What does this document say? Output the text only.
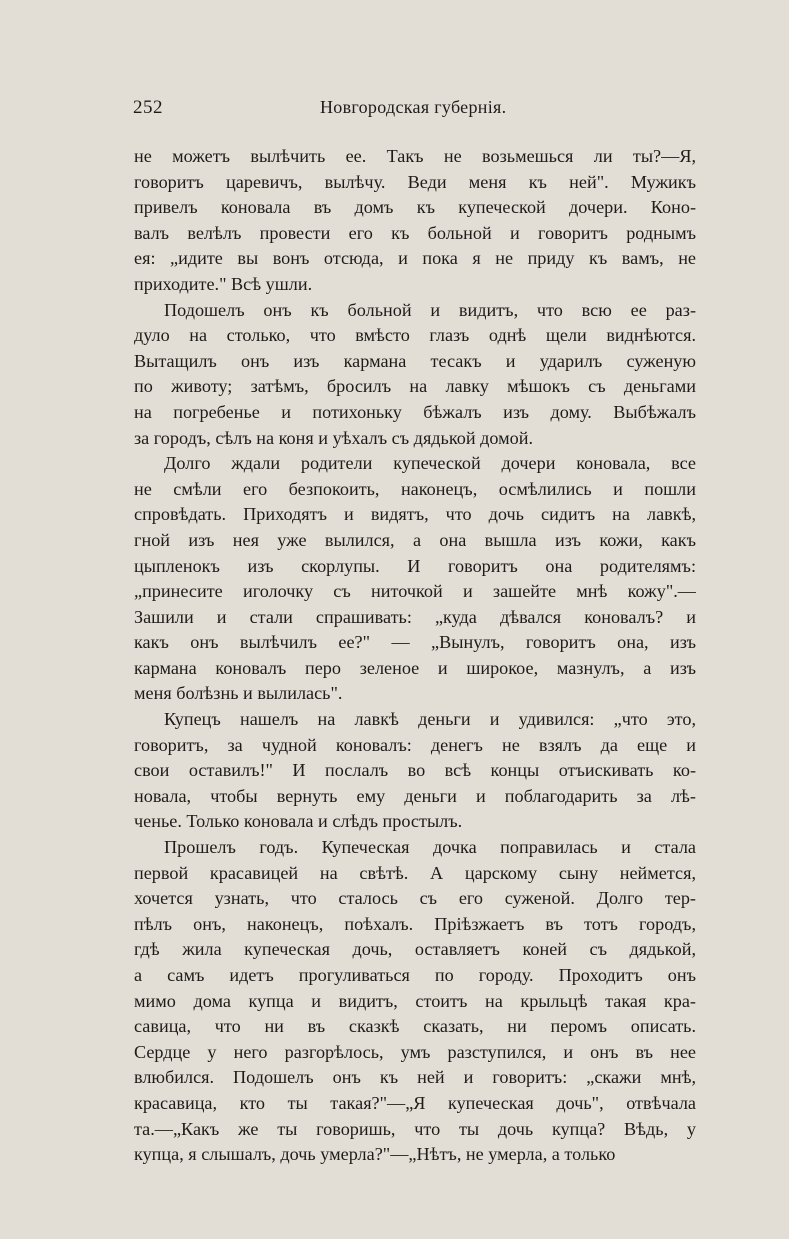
252	Новгородская губернія.
не можетъ вылѣчить ее. Такъ не возьмешься ли ты?—Я,
говоритъ царевичъ, вылѣчу. Веди меня къ ней". Мужикъ
привелъ коновала въ домъ къ купеческой дочери. Коно-
валъ велѣлъ провести его къ больной и говоритъ роднымъ
ея: „идите вы вонъ отсюда, и пока я не приду къ вамъ, не
приходите." Всѣ ушли.
Подошелъ онъ къ больной и видитъ, что всю ее раз-
дуло на столько, что вмѣсто глазъ однѣ щели виднѣются.
Вытащилъ онъ изъ кармана тесакъ и ударилъ суженую
по животу; затѣмъ, бросилъ на лавку мѣшокъ съ деньгами
на погребенье и потихоньку бѣжалъ изъ дому. Выбѣжалъ
за городъ, сѣлъ на коня и уѣхалъ съ дядькой домой.
Долго ждали родители купеческой дочери коновала, все
не смѣли его безпокоить, наконецъ, осмѣлились и пошли
спровѣдать. Приходятъ и видятъ, что дочь сидитъ на лавкѣ,
гной изъ нея уже вылился, а она вышла изъ кожи, какъ
цыпленокъ изъ скорлупы. И говоритъ она родителямъ:
„принесите иголочку съ ниточкой и зашейте мнѣ кожу".—
Зашили и стали спрашивать: „куда дѣвался коновалъ? и
какъ онъ вылѣчилъ ее?" — „Вынулъ, говоритъ она, изъ
кармана коновалъ перо зеленое и широкое, мазнулъ, а изъ
меня болѣзнь и вылилась".
Купецъ нашелъ на лавкѣ деньги и удивился: „что это,
говоритъ, за чудной коновалъ: денегъ не взялъ да еще и
свои оставилъ!" И послалъ во всѣ концы отъискивать ко-
новала, чтобы вернуть ему деньги и поблагодарить за лѣ-
ченье. Только коновала и слѣдъ простылъ.
Прошелъ годъ. Купеческая дочка поправилась и стала
первой красавицей на свѣтѣ. А царскому сыну неймется,
хочется узнать, что сталось съ его суженой. Долго тер-
пѣлъ онъ, наконецъ, поѣхалъ. Пріѣзжаетъ въ тотъ городъ,
гдѣ жила купеческая дочь, оставляетъ коней съ дядькой,
а самъ идетъ прогуливаться по городу. Проходитъ онъ
мимо дома купца и видитъ, стоитъ на крыльцѣ такая кра-
савица, что ни въ сказкѣ сказать, ни перомъ описать.
Сердце у него разгорѣлось, умъ разступился, и онъ въ нее
влюбился. Подошелъ онъ къ ней и говоритъ: „скажи мнѣ,
красавица, кто ты такая?"—„Я купеческая дочь", отвѣчала
та.—„Какъ же ты говоришь, что ты дочь купца? Вѣдь, у
купца, я слышалъ, дочь умерла?"—„Нѣтъ, не умерла, а только
